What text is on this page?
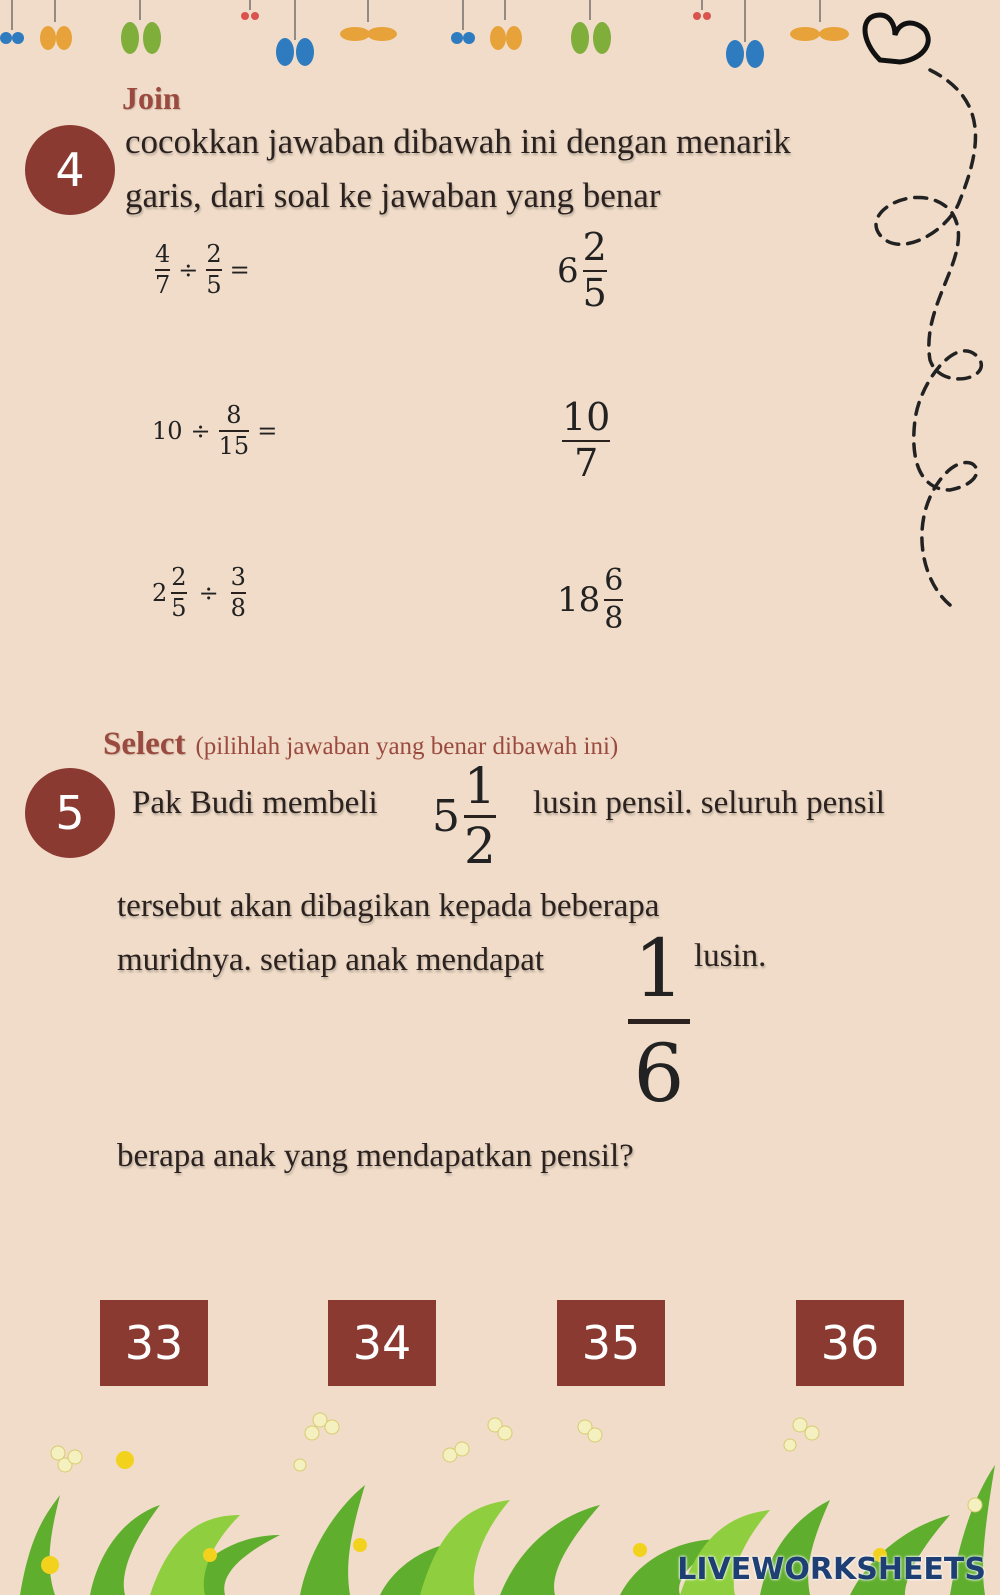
4
Join
cocokkan jawaban dibawah ini dengan menarik
garis, dari soal ke jawaban yang benar
$\frac{4}{7} \div \frac{2}{5}$ =
$10 \div \frac{8}{15}$ =
$2 \frac{2}{5} \div \frac{3}{8}$
$6 \frac{2}{5}$
$\frac{10}{7}$
$18 \frac{6}{8}$
Select (pilihlah jawaban yang benar dibawah ini)
5	Pak Budi membeli $5 \frac{1}{2}$ lusin pensil. seluruh pensil
tersebut akan dibagikan kepada beberapa
muridnya. setiap anak mendapat 1
6
lusin.
berapa anak yang mendapatkan pensil?
33	34	35	36
LIVEWORKSHEETS
